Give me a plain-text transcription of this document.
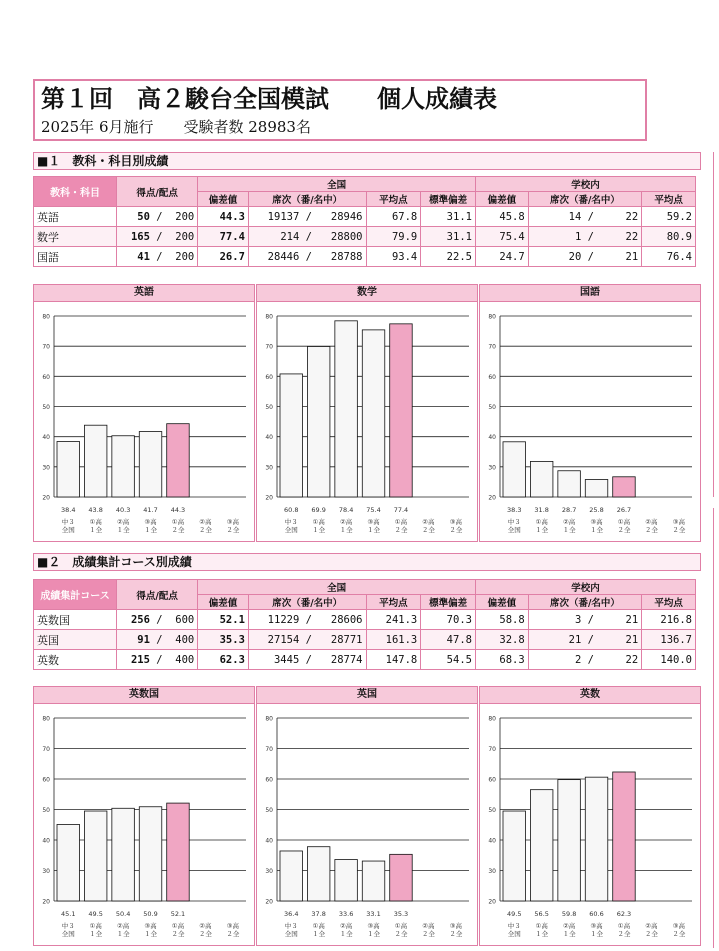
第１回　高２駿台全国模試　　個人成績表
2025年 6月施行　　受験者数 28983名
■１　教科・科目別成績
教科・科目	得点/配点	全国				学校内		
		偏差値	席次（番/名中）	平均点	標準偏差	偏差値	席次（番/名中）	平均点
英語	50 /  200	44.3	19137 /   28946	67.8	31.1	45.8	14 /     22	59.2
数学	165 /  200	77.4	214 /   28800	79.9	31.1	75.4	1 /     22	80.9
国語	41 /  200	26.7	28446 /   28788	93.4	22.5	24.7	20 /     21	76.4
英語
80
70
60
50
40
30
20
38.4 43.8 40.3 41.7 44.3
中３
全国
①高
１全
②高
１全
③高
１全
①高
２全
②高
２全
③高
２全
数学
80
70
60
50
40
30
20
60.8 69.9 78.4 75.4 77.4
中３
全国
①高
１全
②高
１全
③高
１全
①高
２全
②高
２全
③高
２全
国語
80
70
60
50
40
30
20
38.3 31.8 28.7 25.8 26.7
中３
全国
①高
１全
②高
１全
③高
１全
①高
２全
②高
２全
③高
２全
■２　成績集計コース別成績
成績集計コース	得点/配点	全国				学校内		
		偏差値	席次（番/名中）	平均点	標準偏差	偏差値	席次（番/名中）	平均点
英数国	256 /  600	52.1	11229 /   28606	241.3	70.3	58.8	3 /     21	216.8
英国	91 /  400	35.3	27154 /   28771	161.3	47.8	32.8	21 /     21	136.7
英数	215 /  400	62.3	3445 /   28774	147.8	54.5	68.3	2 /     22	140.0
英数国
80
70
60
50
40
30
20
45.1 49.5 50.4 50.9 52.1
中３
全国
①高
１全
②高
１全
③高
１全
①高
２全
②高
２全
③高
２全
英国
80
70
60
50
40
30
20
36.4 37.8 33.6 33.1 35.3
中３
全国
①高
１全
②高
１全
③高
１全
①高
２全
②高
２全
③高
２全
英数
80
70
60
50
40
30
20
49.5 56.5 59.8 60.6 62.3
中３
全国
①高
１全
②高
１全
③高
１全
①高
２全
②高
２全
③高
２全
